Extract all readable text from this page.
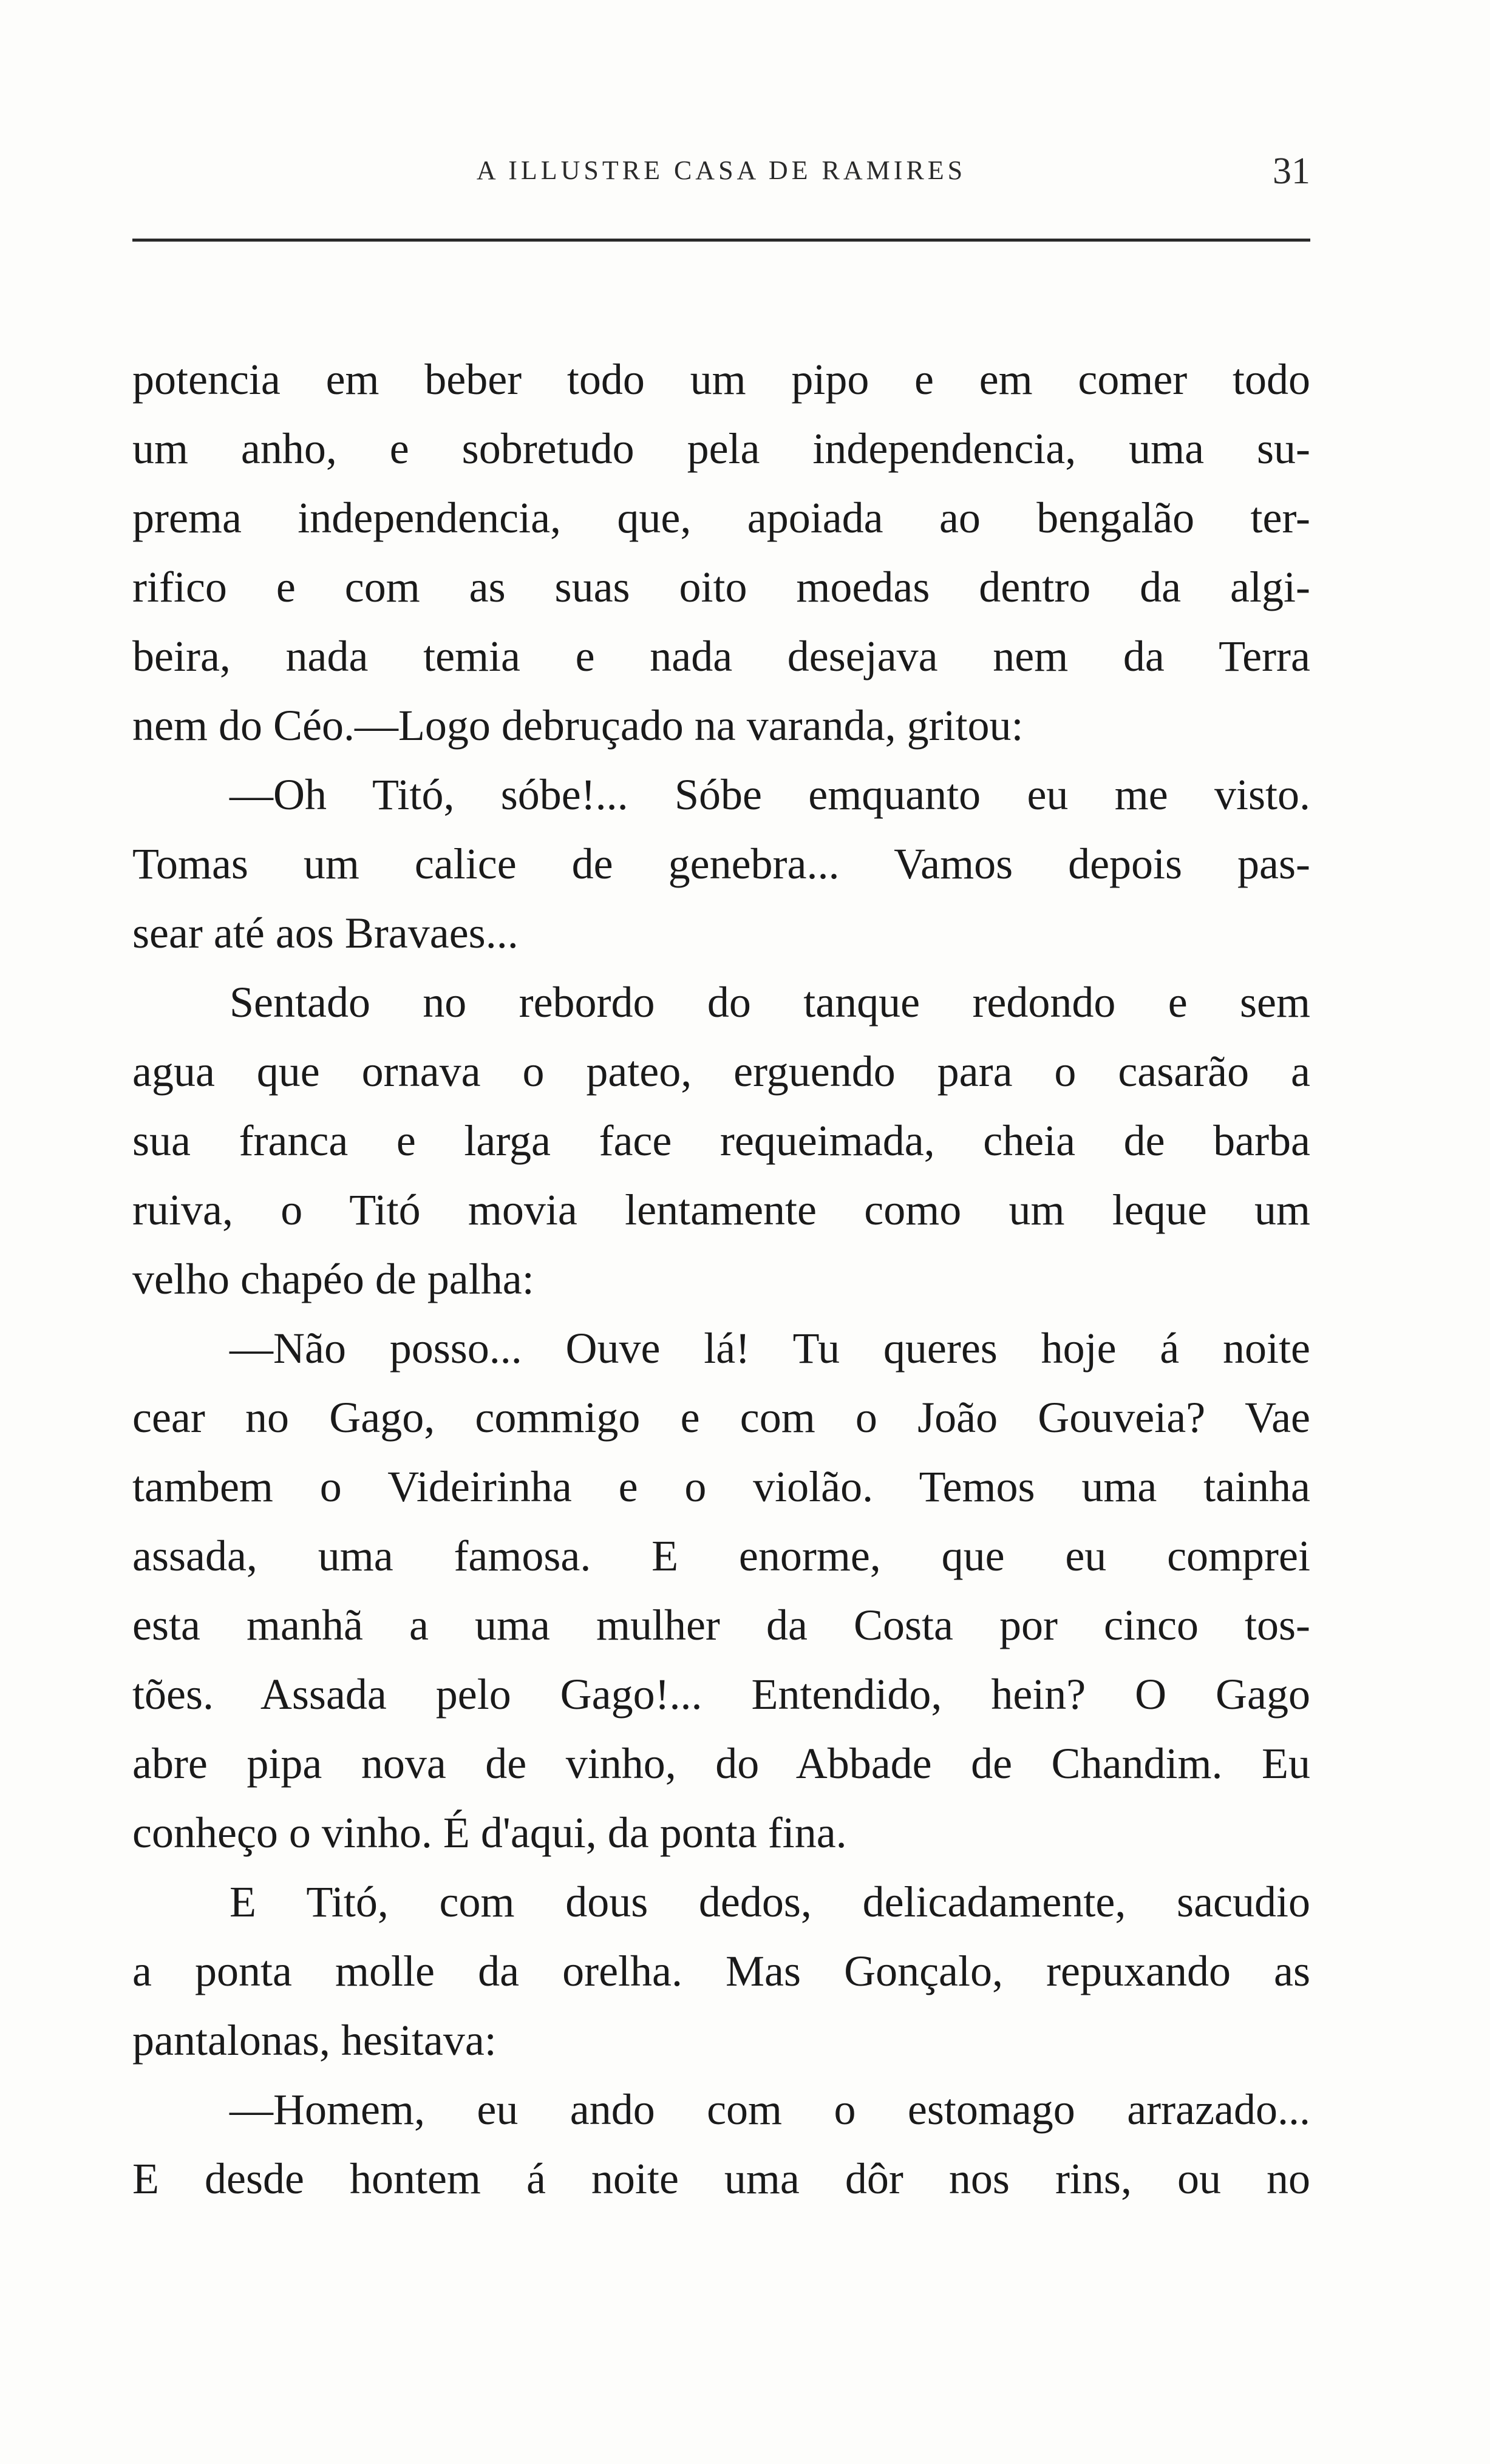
A ILLUSTRE CASA DE RAMIRES	31
potencia em beber todo um pipo e em comer todo
um anho, e sobretudo pela independencia, uma su-
prema independencia, que, apoiada ao bengalão ter-
rifico e com as suas oito moedas dentro da algi-
beira, nada temia e nada desejava nem da Terra
nem do Céo.—Logo debruçado na varanda, gritou:
—Oh Titó, sóbe!... Sóbe emquanto eu me visto.
Tomas um calice de genebra... Vamos depois pas-
sear até aos Bravaes...
Sentado no rebordo do tanque redondo e sem
agua que ornava o pateo, erguendo para o casarão a
sua franca e larga face requeimada, cheia de barba
ruiva, o Titó movia lentamente como um leque um
velho chapéo de palha:
—Não posso... Ouve lá! Tu queres hoje á noite
cear no Gago, commigo e com o João Gouveia? Vae
tambem o Videirinha e o violão. Temos uma tainha
assada, uma famosa. E enorme, que eu comprei
esta manhã a uma mulher da Costa por cinco tos-
tões. Assada pelo Gago!... Entendido, hein? O Gago
abre pipa nova de vinho, do Abbade de Chandim. Eu
conheço o vinho. É d'aqui, da ponta fina.
E Titó, com dous dedos, delicadamente, sacudio
a ponta molle da orelha. Mas Gonçalo, repuxando as
pantalonas, hesitava:
—Homem, eu ando com o estomago arrazado...
E desde hontem á noite uma dôr nos rins, ou no
